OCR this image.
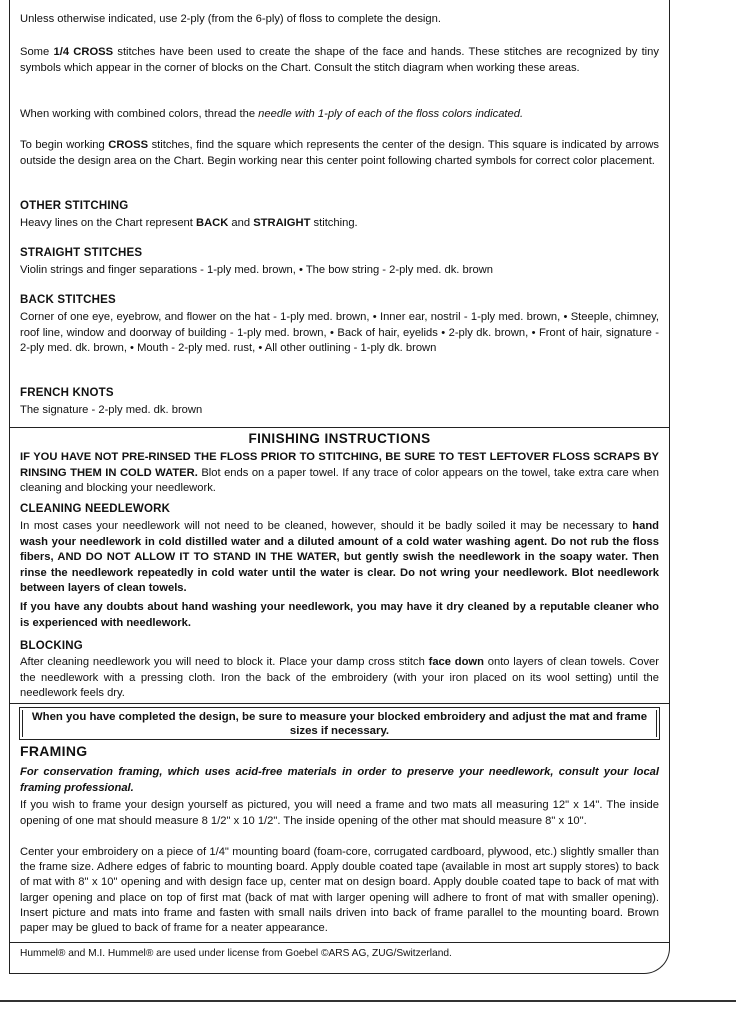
Unless otherwise indicated, use 2-ply (from the 6-ply) of floss to complete the design.

Some 1/4 CROSS stitches have been used to create the shape of the face and hands. These stitches are recognized by tiny symbols which appear in the corner of blocks on the Chart. Consult the stitch diagram when working these areas.

When working with combined colors, thread the needle with 1-ply of each of the floss colors indicated.

To begin working CROSS stitches, find the square which represents the center of the design. This square is indicated by arrows outside the design area on the Chart. Begin working near this center point following charted symbols for correct color placement.

OTHER STITCHING

Heavy lines on the Chart represent BACK and STRAIGHT stitching.

STRAIGHT STITCHES

Violin strings and finger separations - 1-ply med. brown, • The bow string - 2-ply med. dk. brown

BACK STITCHES

Corner of one eye, eyebrow, and flower on the hat - 1-ply med. brown, • Inner ear, nostril - 1-ply med. brown, • Steeple, chimney, roof line, window and doorway of building - 1-ply med. brown, • Back of hair, eyelids • 2-ply dk. brown, • Front of hair, signature - 2-ply med. dk. brown, • Mouth - 2-ply med. rust, • All other outlining - 1-ply dk. brown

FRENCH KNOTS

The signature - 2-ply med. dk. brown

FINISHING INSTRUCTIONS

IF YOU HAVE NOT PRE-RINSED THE FLOSS PRIOR TO STITCHING, BE SURE TO TEST LEFTOVER FLOSS SCRAPS BY RINSING THEM IN COLD WATER. Blot ends on a paper towel. If any trace of color appears on the towel, take extra care when cleaning and blocking your needlework.

CLEANING NEEDLEWORK

In most cases your needlework will not need to be cleaned, however, should it be badly soiled it may be necessary to hand wash your needlework in cold distilled water and a diluted amount of a cold water washing agent. Do not rub the floss fibers, AND DO NOT ALLOW IT TO STAND IN THE WATER, but gently swish the needlework in the soapy water. Then rinse the needlework repeatedly in cold water until the water is clear. Do not wring your needlework. Blot needlework between layers of clean towels.

If you have any doubts about hand washing your needlework, you may have it dry cleaned by a reputable cleaner who is experienced with needlework.

BLOCKING

After cleaning needlework you will need to block it. Place your damp cross stitch face down onto layers of clean towels. Cover the needlework with a pressing cloth. Iron the back of the embroidery (with your iron placed on its wool setting) until the needlework feels dry.

When you have completed the design, be sure to measure your blocked embroidery and adjust the mat and frame sizes if necessary.
FRAMING

For conservation framing, which uses acid-free materials in order to preserve your needlework, consult your local framing professional.

If you wish to frame your design yourself as pictured, you will need a frame and two mats all measuring 12" x 14". The inside opening of one mat should measure 8 1/2" x 10 1/2". The inside opening of the other mat should measure 8" x 10".

Center your embroidery on a piece of 1/4" mounting board (foam-core, corrugated cardboard, plywood, etc.) slightly smaller than the frame size. Adhere edges of fabric to mounting board. Apply double coated tape (available in most art supply stores) to back of mat with 8" x 10" opening and with design face up, center mat on design board. Apply double coated tape to back of mat with larger opening and place on top of first mat (back of mat with larger opening will adhere to front of mat with smaller opening). Insert picture and mats into frame and fasten with small nails driven into back of frame parallel to the mounting board. Brown paper may be glued to back of frame for a neater appearance.

Hummel® and M.I. Hummel® are used under license from Goebel ©ARS AG, ZUG/Switzerland.
